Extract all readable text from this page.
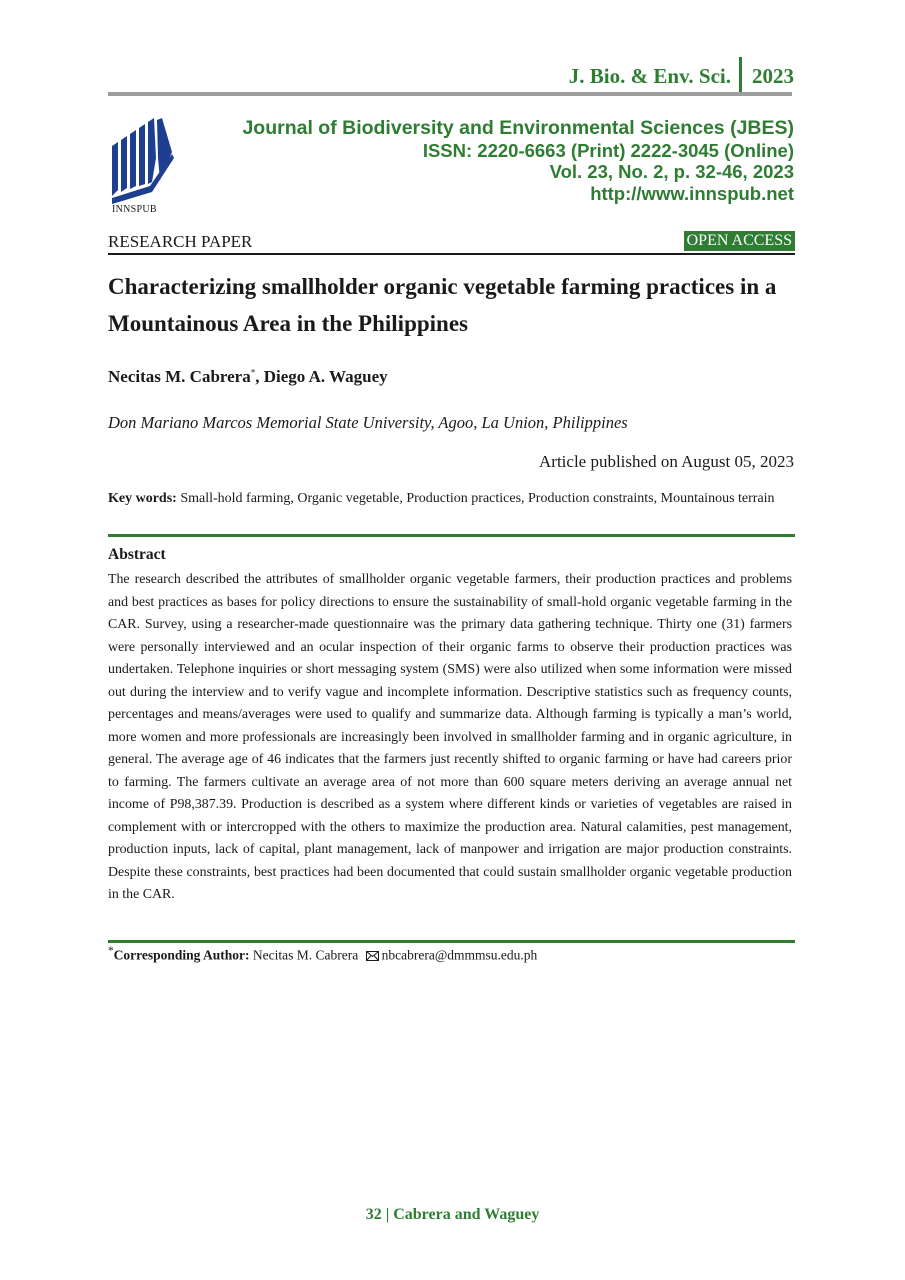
J. Bio. & Env. Sci.	2023
INNSPUB
Journal of Biodiversity and Environmental Sciences (JBES)
ISSN: 2220-6663 (Print) 2222-3045 (Online)
Vol. 23, No. 2, p. 32-46, 2023
http://www.innspub.net
RESEARCH PAPER	OPEN ACCESS
Characterizing smallholder organic vegetable farming practices in a Mountainous Area in the Philippines
Necitas M. Cabrera*, Diego A. Waguey
Don Mariano Marcos Memorial State University, Agoo, La Union, Philippines
Article published on August 05, 2023
Key words: Small-hold farming, Organic vegetable, Production practices, Production constraints, Mountainous terrain
Abstract
The research described the attributes of smallholder organic vegetable farmers, their production practices and problems and best practices as bases for policy directions to ensure the sustainability of small-hold organic vegetable farming in the CAR. Survey, using a researcher-made questionnaire was the primary data gathering technique. Thirty one (31) farmers were personally interviewed and an ocular inspection of their organic farms to observe their production practices was undertaken. Telephone inquiries or short messaging system (SMS) were also utilized when some information were missed out during the interview and to verify vague and incomplete information. Descriptive statistics such as frequency counts, percentages and means/averages were used to qualify and summarize data. Although farming is typically a man’s world, more women and more professionals are increasingly been involved in smallholder farming and in organic agriculture, in general. The average age of 46 indicates that the farmers just recently shifted to organic farming or have had careers prior to farming. The farmers cultivate an average area of not more than 600 square meters deriving an average annual net income of P98,387.39. Production is described as a system where different kinds or varieties of vegetables are raised in complement with or intercropped with the others to maximize the production area. Natural calamities, pest management, production inputs, lack of capital, plant management, lack of manpower and irrigation are major production constraints. Despite these constraints, best practices had been documented that could sustain smallholder organic vegetable production in the CAR.
*Corresponding Author: Necitas M. Cabrera nbcabrera@dmmmsu.edu.ph
32 | Cabrera and Waguey
